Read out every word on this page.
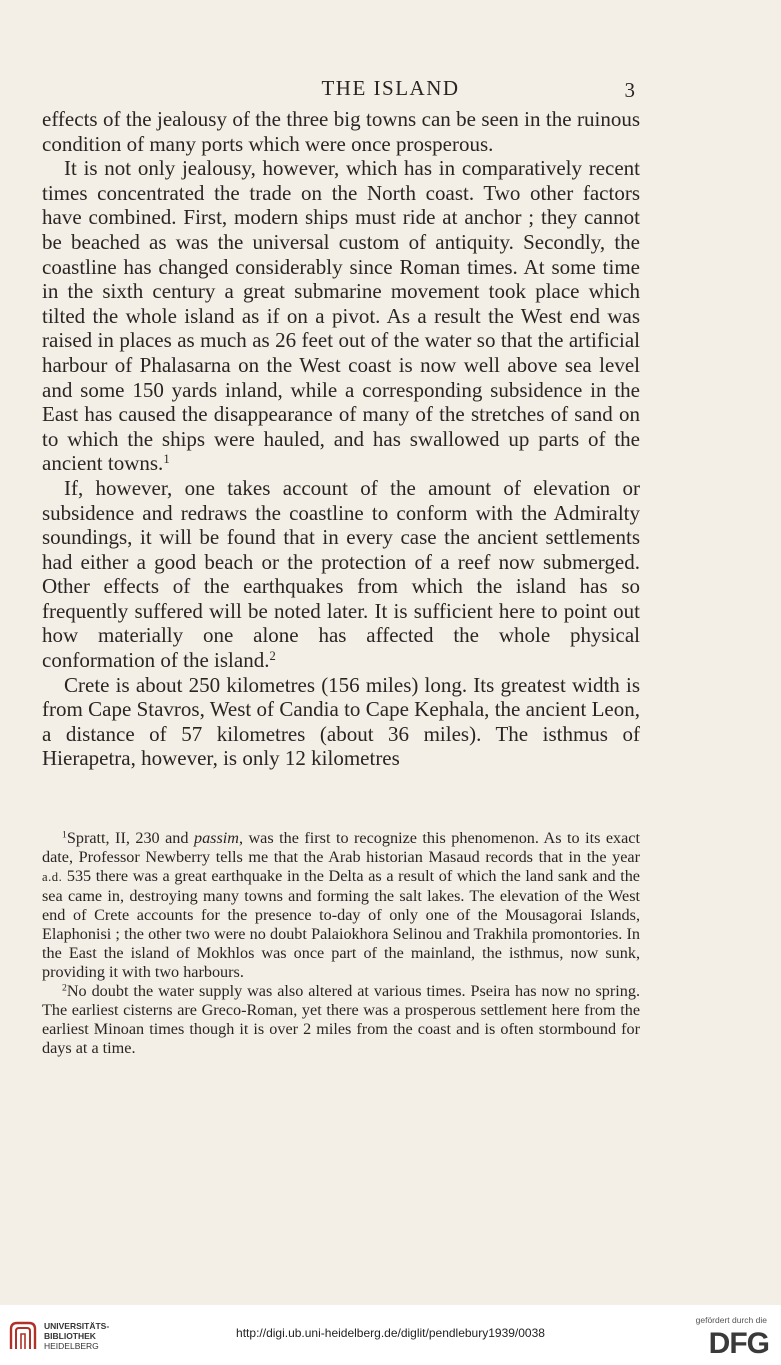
THE ISLAND	3

effects of the jealousy of the three big towns can be seen in the ruinous condition of many ports which were once prosperous.

It is not only jealousy, however, which has in comparatively recent times concentrated the trade on the North coast. Two other factors have combined. First, modern ships must ride at anchor ; they cannot be beached as was the universal custom of antiquity. Secondly, the coastline has changed considerably since Roman times. At some time in the sixth century a great submarine movement took place which tilted the whole island as if on a pivot. As a result the West end was raised in places as much as 26 feet out of the water so that the artificial harbour of Phalasarna on the West coast is now well above sea level and some 150 yards inland, while a corresponding subsidence in the East has caused the disappearance of many of the stretches of sand on to which the ships were hauled, and has swallowed up parts of the ancient towns.$^1$

If, however, one takes account of the amount of elevation or subsidence and redraws the coastline to conform with the Admiralty soundings, it will be found that in every case the ancient settlements had either a good beach or the protection of a reef now submerged. Other effects of the earthquakes from which the island has so frequently suffered will be noted later. It is sufficient here to point out how materially one alone has affected the whole physical conformation of the island.$^2$

Crete is about 250 kilometres (156 miles) long. Its greatest width is from Cape Stavros, West of Candia to Cape Kephala, the ancient Leon, a distance of 57 kilometres (about 36 miles). The isthmus of Hierapetra, however, is only 12 kilometres

$^1$Spratt, II, 230 and passim, was the first to recognize this phenomenon. As to its exact date, Professor Newberry tells me that the Arab historian Masaud records that in the year a.d. 535 there was a great earthquake in the Delta as a result of which the land sank and the sea came in, destroying many towns and forming the salt lakes. The elevation of the West end of Crete accounts for the presence to-day of only one of the Mousagorai Islands, Elaphonisi ; the other two were no doubt Palaiokhora Selinou and Trakhila promontories. In the East the island of Mokhlos was once part of the mainland, the isthmus, now sunk, providing it with two harbours.

$^2$No doubt the water supply was also altered at various times. Pseira has now no spring. The earliest cisterns are Greco-Roman, yet there was a prosperous settlement here from the earliest Minoan times though it is over 2 miles from the coast and is often stormbound for days at a time.

UNIVERSITÄTS-
BIBLIOTHEK
HEIDELBERG
http://digi.ub.uni-heidelberg.de/diglit/pendlebury1939/0038
gefördert durch die
DFG
